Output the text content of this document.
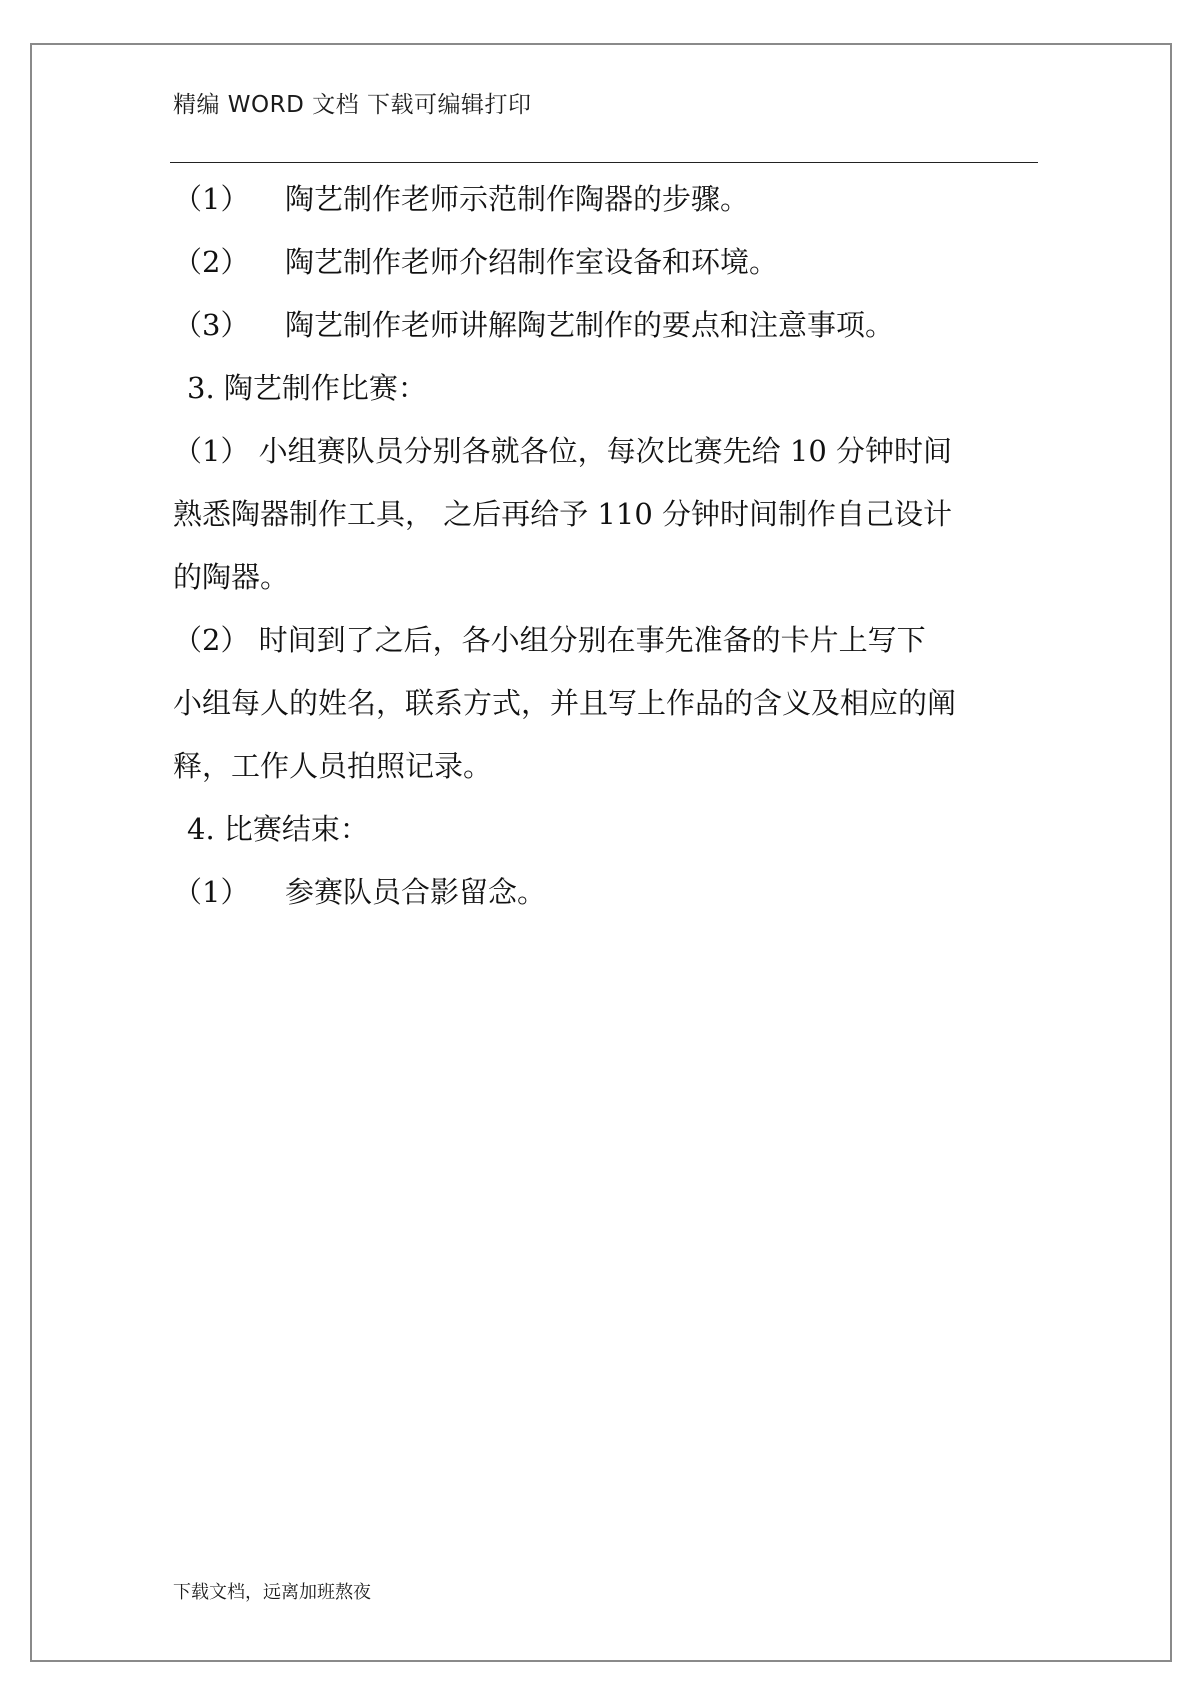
精编 WORD 文档 下载可编辑打印

（1） 陶艺制作老师示范制作陶器的步骤。

（2） 陶艺制作老师介绍制作室设备和环境。

（3） 陶艺制作老师讲解陶艺制作的要点和注意事项。

3. 陶艺制作比赛：

（1） 小组赛队员分别各就各位，每次比赛先给 10 分钟时间

熟悉陶器制作工具， 之后再给予 110 分钟时间制作自己设计

的陶器。

（2） 时间到了之后，各小组分别在事先准备的卡片上写下

小组每人的姓名，联系方式，并且写上作品的含义及相应的阐

释，工作人员拍照记录。

4. 比赛结束：

（1） 参赛队员合影留念。

下载文档，远离加班熬夜
